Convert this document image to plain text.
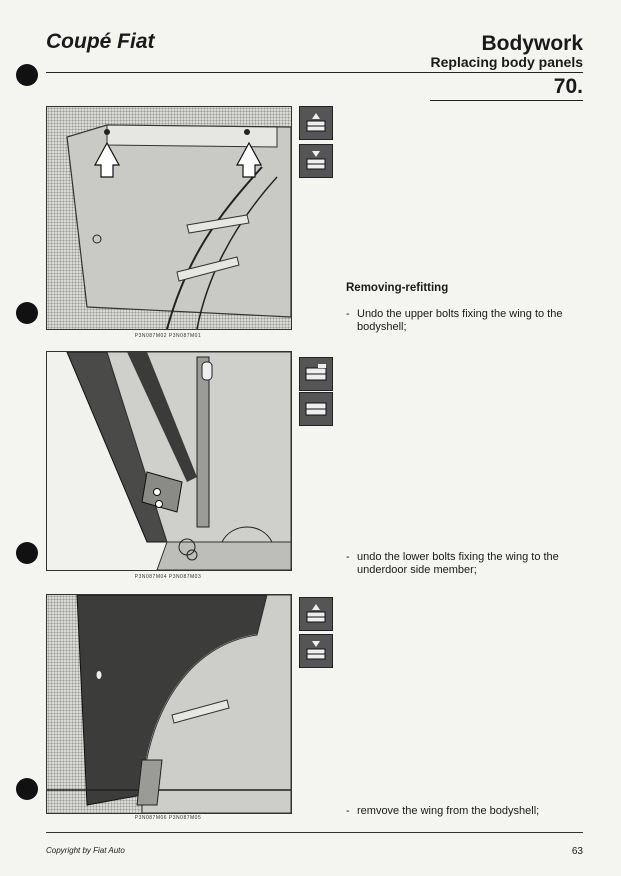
Coupé Fiat	Bodywork
Replacing body panels
70.
P3N087M02 P3N087M01
P3N087M04 P3N087M03
P3N087M06 P3N087M05
Removing-refitting
- Undo the upper bolts fixing the wing to the bodyshell;
- undo the lower bolts fixing the wing to the underdoor side member;
- remvove the wing from the bodyshell;
Copyright by Fiat Auto	63
